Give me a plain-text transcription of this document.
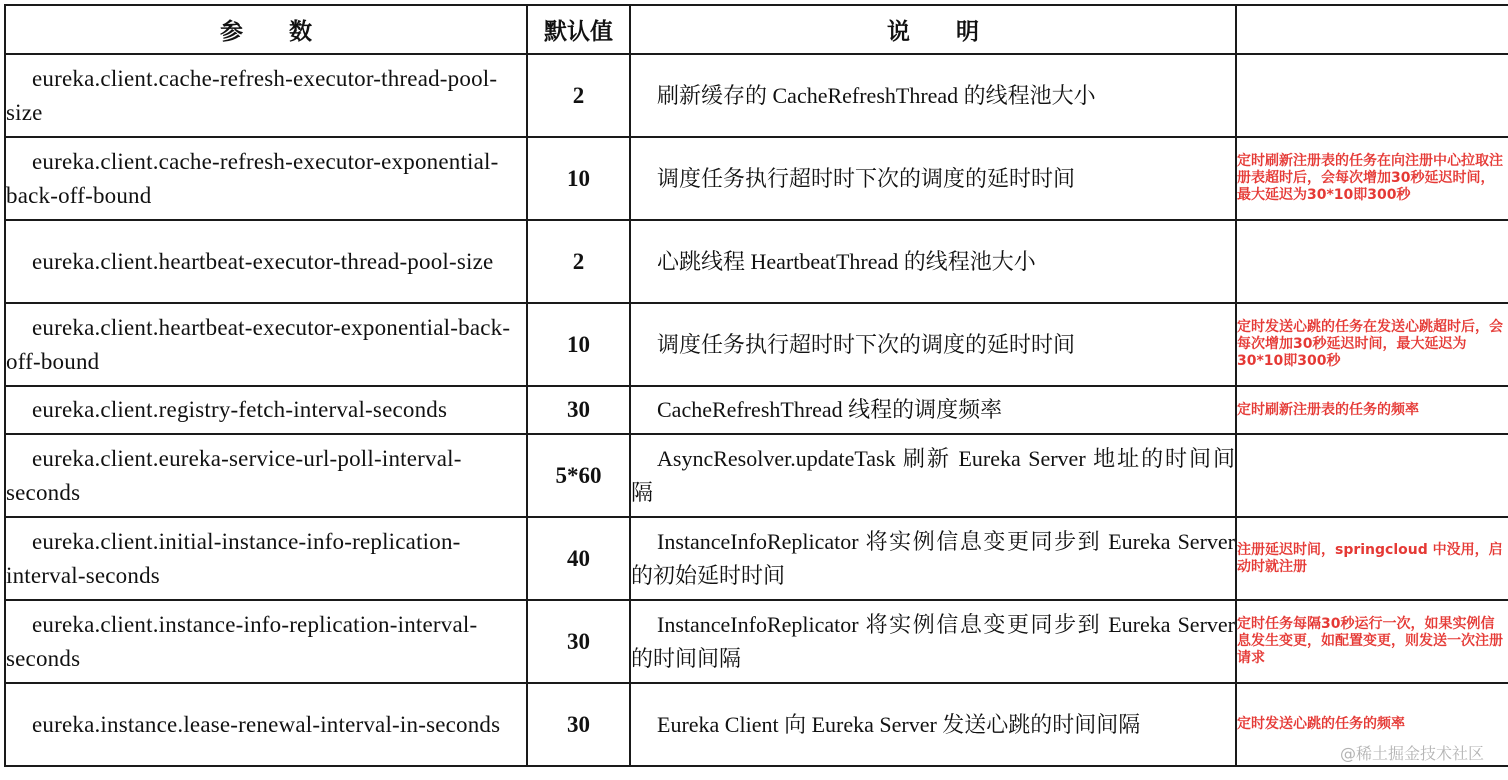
参　　数	默认值	说　　明	
eureka.client.cache-refresh-executor-thread-pool-size	2	刷新缓存的 CacheRefreshThread 的线程池大小	
eureka.client.cache-refresh-executor-exponential-back-off-bound	10	调度任务执行超时时下次的调度的延时时间	定时刷新注册表的任务在向注册中心拉取注册表超时后，会每次增加30秒延迟时间，最大延迟为30*10即300秒
eureka.client.heartbeat-executor-thread-pool-size	2	心跳线程 HeartbeatThread 的线程池大小	
eureka.client.heartbeat-executor-exponential-back-off-bound	10	调度任务执行超时时下次的调度的延时时间	定时发送心跳的任务在发送心跳超时后，会每次增加30秒延迟时间，最大延迟为30*10即300秒
eureka.client.registry-fetch-interval-seconds	30	CacheRefreshThread 线程的调度频率	定时刷新注册表的任务的频率
eureka.client.eureka-service-url-poll-interval-seconds	5*60	AsyncResolver.updateTask 刷新 Eureka Server 地址的时间间隔	
eureka.client.initial-instance-info-replication-interval-seconds	40	InstanceInfoReplicator 将实例信息变更同步到 Eureka Server 的初始延时时间	注册延迟时间，springcloud 中没用，启动时就注册
eureka.client.instance-info-replication-interval-seconds	30	InstanceInfoReplicator 将实例信息变更同步到 Eureka Server 的时间间隔	定时任务每隔30秒运行一次，如果实例信息发生变更，如配置变更，则发送一次注册请求
eureka.instance.lease-renewal-interval-in-seconds	30	Eureka Client 向 Eureka Server 发送心跳的时间间隔	定时发送心跳的任务的频率
@稀土掘金技术社区
